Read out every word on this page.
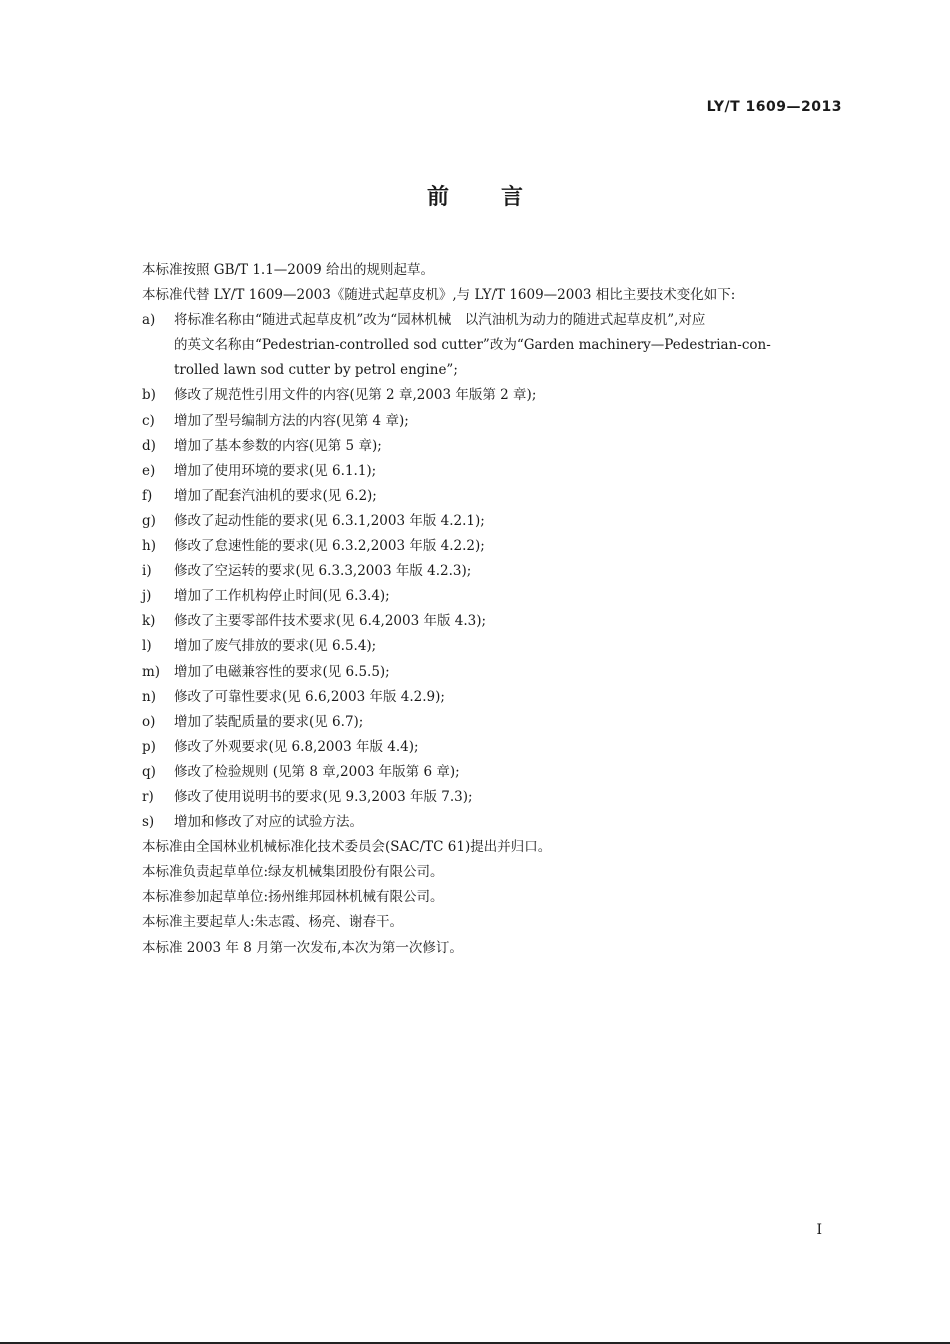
LY/T 1609—2013
前言
本标准按照 GB/T 1.1—2009 给出的规则起草。
本标准代替 LY/T 1609—2003《随进式起草皮机》,与 LY/T 1609—2003 相比主要技术变化如下:
a)	将标准名称由“随进式起草皮机”改为“园林机械　以汽油机为动力的随进式起草皮机”,对应
的英文名称由“Pedestrian-controlled sod cutter”改为“Garden machinery—Pedestrian-con-
trolled lawn sod cutter by petrol engine”;
b)	修改了规范性引用文件的内容(见第 2 章,2003 年版第 2 章);
c)	增加了型号编制方法的内容(见第 4 章);
d)	增加了基本参数的内容(见第 5 章);
e)	增加了使用环境的要求(见 6.1.1);
f)	增加了配套汽油机的要求(见 6.2);
g)	修改了起动性能的要求(见 6.3.1,2003 年版 4.2.1);
h)	修改了怠速性能的要求(见 6.3.2,2003 年版 4.2.2);
i)	修改了空运转的要求(见 6.3.3,2003 年版 4.2.3);
j)	增加了工作机构停止时间(见 6.3.4);
k)	修改了主要零部件技术要求(见 6.4,2003 年版 4.3);
l)	增加了废气排放的要求(见 6.5.4);
m)	增加了电磁兼容性的要求(见 6.5.5);
n)	修改了可靠性要求(见 6.6,2003 年版 4.2.9);
o)	增加了装配质量的要求(见 6.7);
p)	修改了外观要求(见 6.8,2003 年版 4.4);
q)	修改了检验规则 (见第 8 章,2003 年版第 6 章);
r)	修改了使用说明书的要求(见 9.3,2003 年版 7.3);
s)	增加和修改了对应的试验方法。
本标准由全国林业机械标准化技术委员会(SAC/TC 61)提出并归口。
本标准负责起草单位:绿友机械集团股份有限公司。
本标准参加起草单位:扬州维邦园林机械有限公司。
本标准主要起草人:朱志霞、杨亮、谢春干。
本标准 2003 年 8 月第一次发布,本次为第一次修订。
I
